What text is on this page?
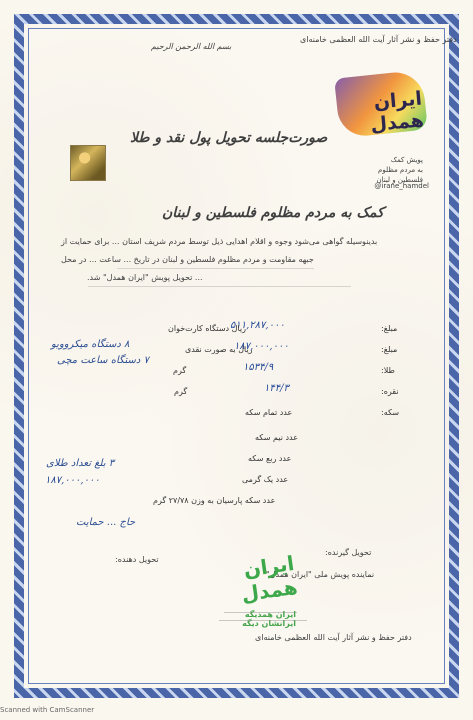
دفتر حفظ و نشر آثار آیت الله العظمی خامنه‌ای
بسم الله الرحمن الرحیم
ایران همدل
پویش کمک
به مردم مظلوم
فلسطین و لبنان
@irane_hamdel
صورت‌جلسه تحویل پول نقد و طلا
کمک به مردم مظلوم فلسطین و لبنان
بدینوسیله گواهی می‌شود وجوه و اقلام اهدایی ذیل توسط مردم شریف استان ... برای حمایت از
جبهه مقاومت و مردم مظلوم فلسطین و لبنان در تاریخ ... ساعت ... در محل
... تحویل پویش "ایران همدل" شد.
مبلغ:
۵۱۱,۲۸۷,۰۰۰
ریال دستگاه کارت‌خوان
مبلغ:
۱۸۷,۰۰۰,۰۰۰
ریال به صورت نقدی
طلا:
۱۵۳۴/۹
گرم
نقره:
۱۴۴/۳
گرم
سکه:
عدد تمام سکه
عدد نیم سکه
عدد ربع سکه
عدد یک گرمی
عدد سکه پارسیان به وزن ۲۷/۷۸ گرم
۸ دستگاه میکروویو
۷ دستگاه ساعت مچی
۳ بلغ تعداد طلای
۱۸۷,۰۰۰,۰۰۰
حاج ... حمایت
تحویل گیرنده:
تحویل دهنده:
نماینده پویش ملی "ایران همدل"
دفتر حفظ و نشر آثار آیت الله العظمی خامنه‌ای
ایران همدل
ایران همدیگه ایرانشان‌ دیگه
Scanned with CamScanner
